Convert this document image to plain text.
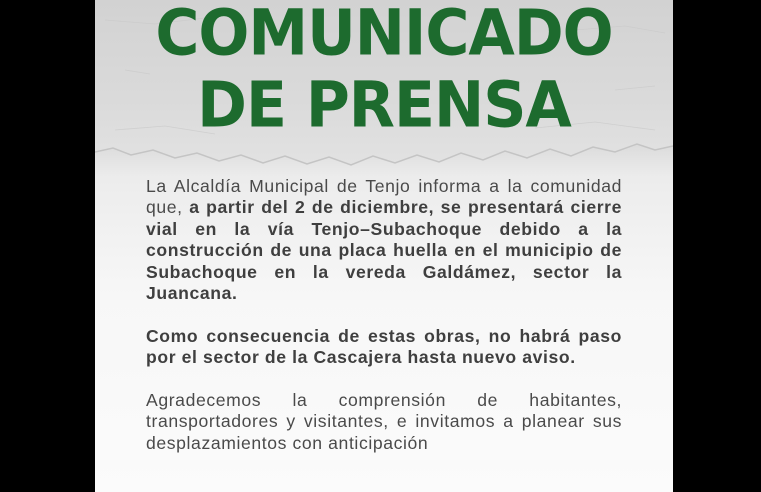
COMUNICADO
DE PRENSA

La Alcaldía Municipal de Tenjo informa a la comunidad que, a partir del 2 de diciembre, se presentará cierre vial en la vía Tenjo–Subachoque debido a la construcción de una placa huella en el municipio de Subachoque en la vereda Galdámez, sector la Juancana.

Como consecuencia de estas obras, no habrá paso por el sector de la Cascajera hasta nuevo aviso.

Agradecemos la comprensión de habitantes, transportadores y visitantes, e invitamos a planear sus desplazamientos con anticipación
